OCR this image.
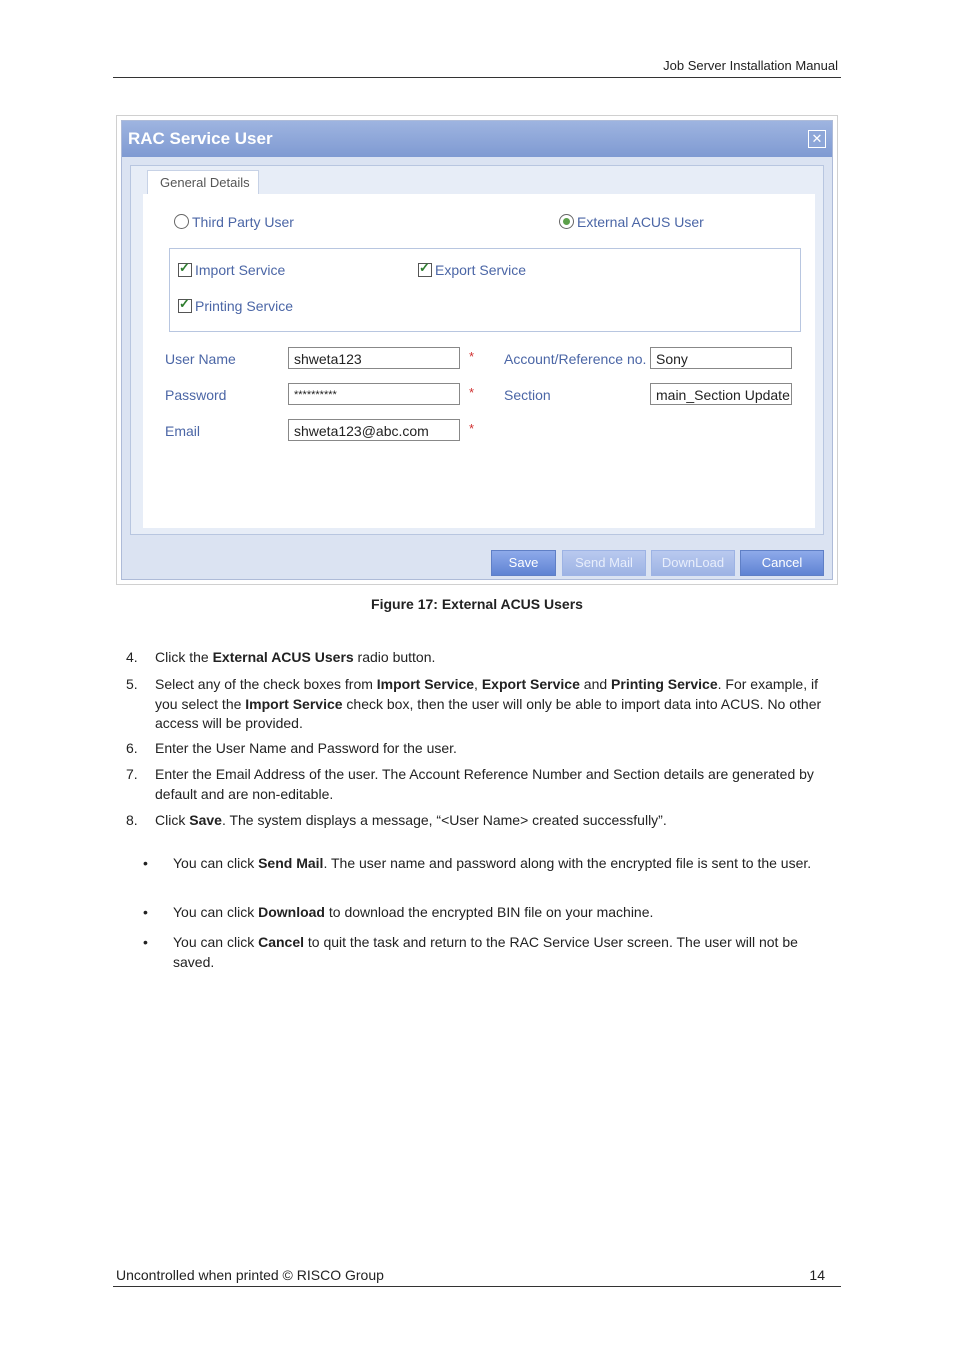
Job Server Installation Manual
RAC Service User	✕
General Details
Third Party User	External ACUS User
✓Import Service
✓	Export Service
✓Printing Service
User Name	shweta123	*
Password	**********	*
Email	shweta123@abc.com	*
Account/Reference no. Sony
Section	main_Section Update
Save	Send Mail	DownLoad	Cancel
Figure 17: External ACUS Users
4. Click the External ACUS Users radio button.
5. Select any of the check boxes from Import Service, Export Service and Printing Service. For example, if you select the Import Service check box, then the user will only be able to import data into ACUS. No other access will be provided.
6. Enter the User Name and Password for the user.
7. Enter the Email Address of the user. The Account Reference Number and Section details are generated by default and are non-editable.
8. Click Save. The system displays a message, “<User Name> created successfully”.
• You can click Send Mail. The user name and password along with the encrypted file is sent to the user.
• You can click Download to download the encrypted BIN file on your machine.
• You can click Cancel to quit the task and return to the RAC Service User screen. The user will not be saved.
Uncontrolled when printed © RISCO Group	14
